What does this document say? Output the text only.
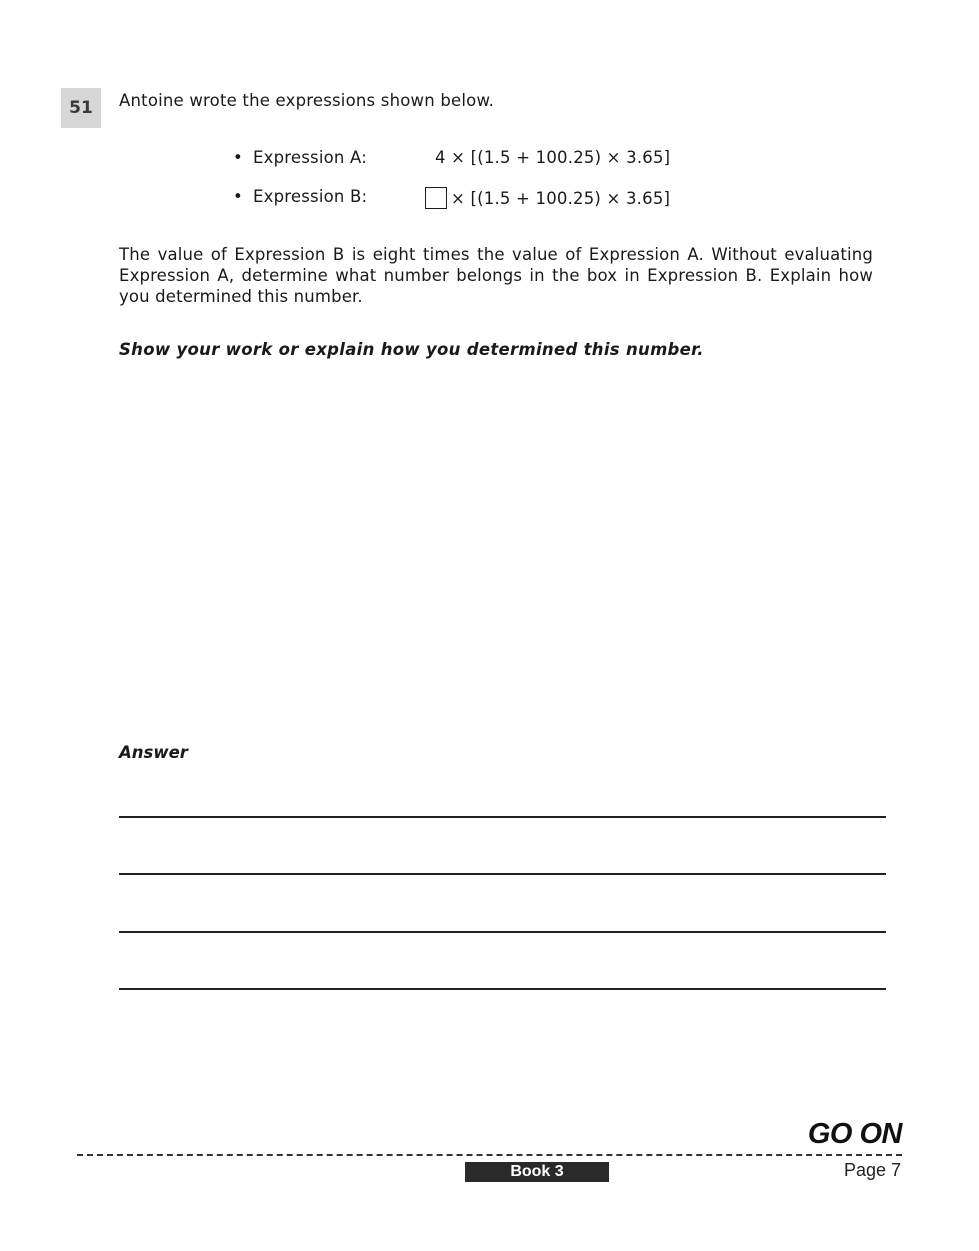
51	Antoine wrote the expressions shown below.
• Expression A:	4 × [(1.5 + 100.25) × 3.65]
• Expression B:	× [(1.5 + 100.25) × 3.65]
The value of Expression B is eight times the value of Expression A. Without evaluating Expression A, determine what number belongs in the box in Expression B. Explain how you determined this number.
Show your work or explain how you determined this number.
Answer
GO ON
Book 3	Page 7
